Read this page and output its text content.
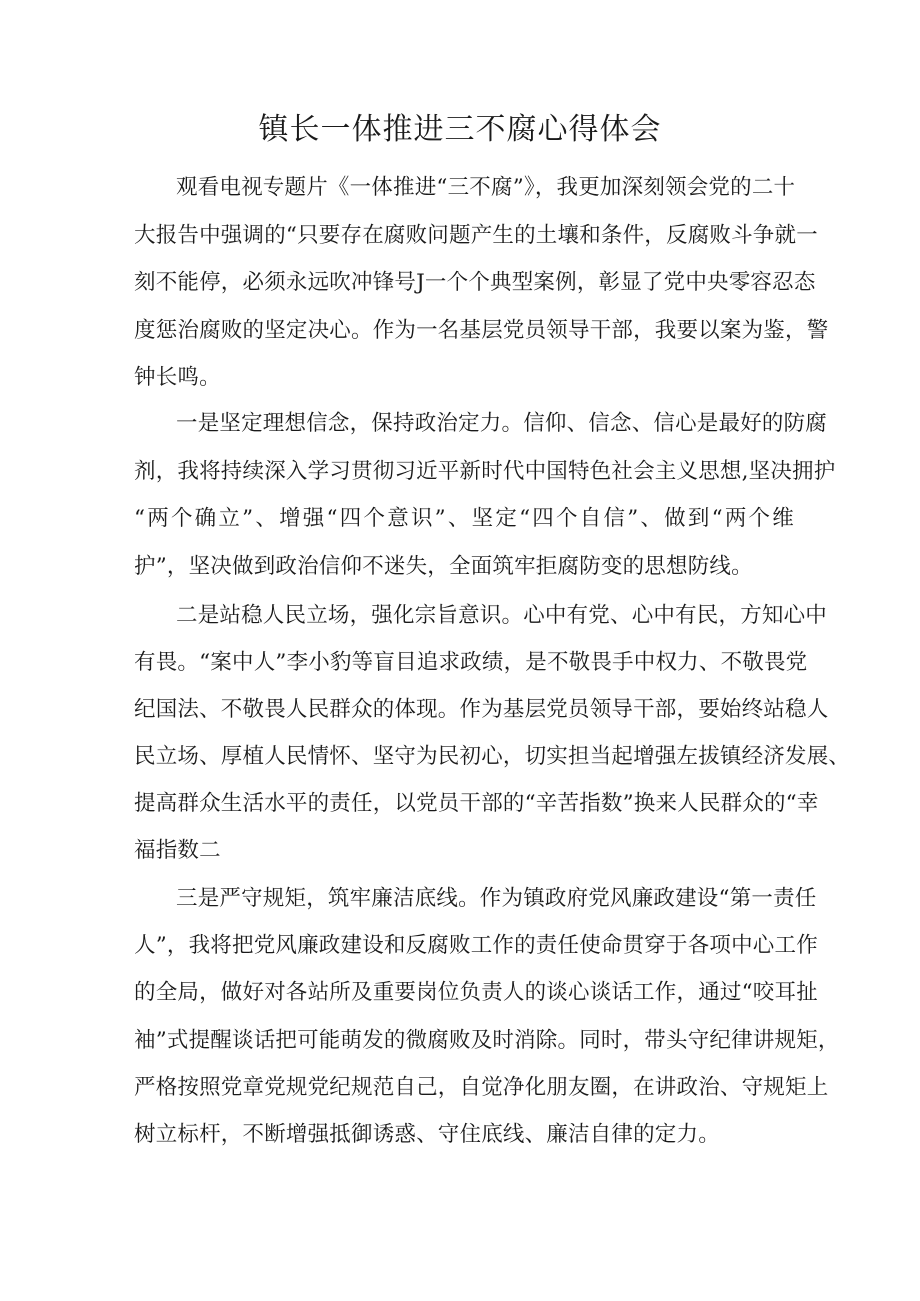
镇长一体推进三不腐心得体会
观看电视专题片《一体推进“三不腐”》，我更加深刻领会党的二十
大报告中强调的“只要存在腐败问题产生的土壤和条件，反腐败斗争就一
刻不能停，必须永远吹冲锋号J一个个典型案例，彰显了党中央零容忍态
度惩治腐败的坚定决心。作为一名基层党员领导干部，我要以案为鉴，警
钟长鸣。
一是坚定理想信念，保持政治定力。信仰、信念、信心是最好的防腐
剂，我将持续深入学习贯彻习近平新时代中国特色社会主义思想,坚决拥护
“两个确立”、增强“四个意识”、坚定“四个自信”、做到“两个维
护”，坚决做到政治信仰不迷失，全面筑牢拒腐防变的思想防线。
二是站稳人民立场，强化宗旨意识。心中有党、心中有民，方知心中
有畏。“案中人”李小豹等盲目追求政绩，是不敬畏手中权力、不敬畏党
纪国法、不敬畏人民群众的体现。作为基层党员领导干部，要始终站稳人
民立场、厚植人民情怀、坚守为民初心，切实担当起增强左拔镇经济发展、
提高群众生活水平的责任，以党员干部的“辛苦指数”换来人民群众的“幸
福指数二
三是严守规矩，筑牢廉洁底线。作为镇政府党风廉政建设“第一责任
人”，我将把党风廉政建设和反腐败工作的责任使命贯穿于各项中心工作
的全局，做好对各站所及重要岗位负责人的谈心谈话工作，通过“咬耳扯
袖”式提醒谈话把可能萌发的微腐败及时消除。同时，带头守纪律讲规矩，
严格按照党章党规党纪规范自己，自觉净化朋友圈，在讲政治、守规矩上
树立标杆，不断增强抵御诱惑、守住底线、廉洁自律的定力。
